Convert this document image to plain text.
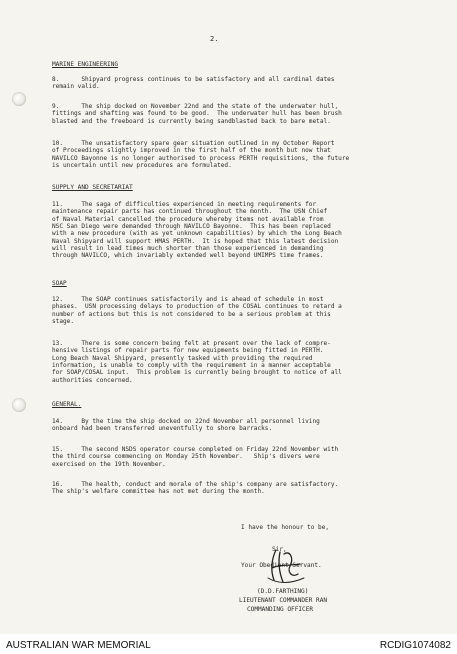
2.
MARINE ENGINEERING
8.      Shipyard progress continues to be satisfactory and all cardinal dates
remain valid.
9.      The ship docked on November 22nd and the state of the underwater hull,
fittings and shafting was found to be good.  The underwater hull has been brush
blasted and the freeboard is currently being sandblasted back to bare metal.
10.     The unsatisfactory spare gear situation outlined in my October Report
of Proceedings slightly improved in the first half of the month but now that
NAVILCO Bayonne is no longer authorised to process PERTH requisitions, the future
is uncertain until new procedures are formulated.
SUPPLY AND SECRETARIAT
11.     The saga of difficulties experienced in meeting requirements for
maintenance repair parts has continued throughout the month.  The USN Chief
of Naval Material cancelled the procedure whereby items not available from
NSC San Diego were demanded through NAVILCO Bayonne.  This has been replaced
with a new procedure (with as yet unknown capabilities) by which the Long Beach
Naval Shipyard will support HMAS PERTH.  It is hoped that this latest decision
will result in lead times much shorter than those experienced in demanding
through NAVILCO, which invariably extended well beyond UMIMPS time frames.
SOAP
12.     The SOAP continues satisfactorily and is ahead of schedule in most
phases.  USN processing delays to production of the COSAL continues to retard a
number of actions but this is not considered to be a serious problem at this
stage.
13.     There is some concern being felt at present over the lack of compre-
hensive listings of repair parts for new equipments being fitted in PERTH.
Long Beach Naval Shipyard, presently tasked with providing the required
information, is unable to comply with the requirement in a manner acceptable
for SOAP/COSAL input.  This problem is currently being brought to notice of all
authorities concerned.
GENERAL.
14.     By the time the ship docked on 22nd November all personnel living
onboard had been transferred uneventfully to shore barracks.
15.     The second NSDS operator course completed on Friday 22nd November with
the third course commencing on Monday 25th November.   Ship's divers were
exercised on the 19th November.
16.     The health, conduct and morale of the ship's company are satisfactory.
The ship's welfare committee has not met during the month.
I have the honour to be,
Sir,
Your Obedient Servant.
(D.D.FARTHING)
LIEUTENANT COMMANDER RAN
COMMANDING OFFICER
AUSTRALIAN WAR MEMORIAL	RCDIG1074082
